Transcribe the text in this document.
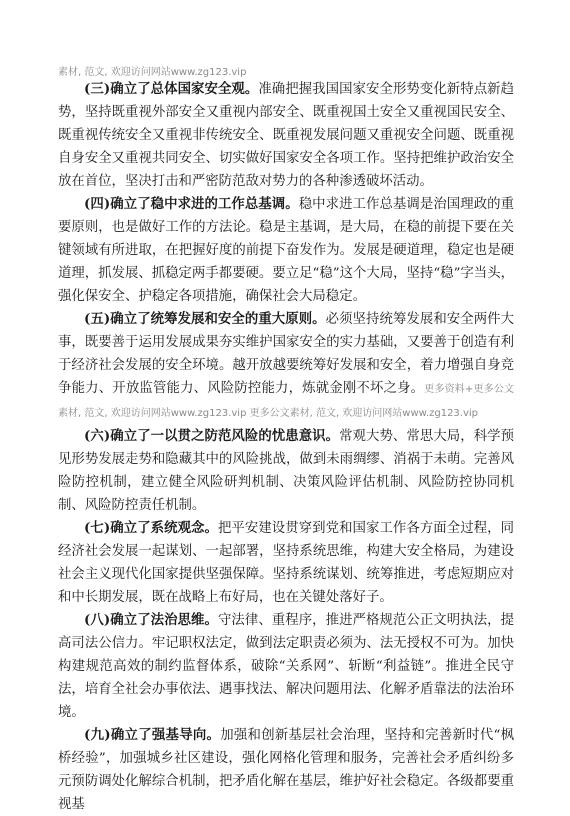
素材, 范文, 欢迎访问网站www.zg123.vip

(三)确立了总体国家安全观。准确把握我国国家安全形势变化新特点新趋势，坚持既重视外部安全又重视内部安全、既重视国土安全又重视国民安全、既重视传统安全又重视非传统安全、既重视发展问题又重视安全问题、既重视自身安全又重视共同安全、切实做好国家安全各项工作。坚持把维护政治安全放在首位，坚决打击和严密防范敌对势力的各种渗透破坏活动。

(四)确立了稳中求进的工作总基调。稳中求进工作总基调是治国理政的重要原则，也是做好工作的方法论。稳是主基调，是大局，在稳的前提下要在关键领域有所进取，在把握好度的前提下奋发作为。发展是硬道理，稳定也是硬道理，抓发展、抓稳定两手都要硬。要立足“稳”这个大局，坚持“稳”字当头，强化保安全、护稳定各项措施，确保社会大局稳定。

(五)确立了统筹发展和安全的重大原则。必须坚持统筹发展和安全两件大事，既要善于运用发展成果夯实维护国家安全的实力基础，又要善于创造有利于经济社会发展的安全环境。越开放越要统筹好发展和安全，着力增强自身竞争能力、开放监管能力、风险防控能力，炼就金刚不坏之身。更多资料+更多公文素材, 范文, 欢迎访问网站www.zg123.vip 更多公文素材, 范文, 欢迎访问网站www.zg123.vip

(六)确立了一以贯之防范风险的忧患意识。常观大势、常思大局，科学预见形势发展走势和隐藏其中的风险挑战，做到未雨绸缪、消祸于未萌。完善风险防控机制，建立健全风险研判机制、决策风险评估机制、风险防控协同机制、风险防控责任机制。

(七)确立了系统观念。把平安建设贯穿到党和国家工作各方面全过程，同经济社会发展一起谋划、一起部署，坚持系统思维，构建大安全格局，为建设社会主义现代化国家提供坚强保障。坚持系统谋划、统筹推进，考虑短期应对和中长期发展，既在战略上布好局，也在关键处落好子。

(八)确立了法治思维。守法律、重程序，推进严格规范公正文明执法，提高司法公信力。牢记职权法定，做到法定职责必须为、法无授权不可为。加快构建规范高效的制约监督体系，破除“关系网”、斩断“利益链”。推进全民守法，培育全社会办事依法、遇事找法、解决问题用法、化解矛盾靠法的法治环境。

(九)确立了强基导向。加强和创新基层社会治理，坚持和完善新时代“枫桥经验”，加强城乡社区建设，强化网格化管理和服务，完善社会矛盾纠纷多元预防调处化解综合机制，把矛盾化解在基层，维护好社会稳定。各级都要重视基
